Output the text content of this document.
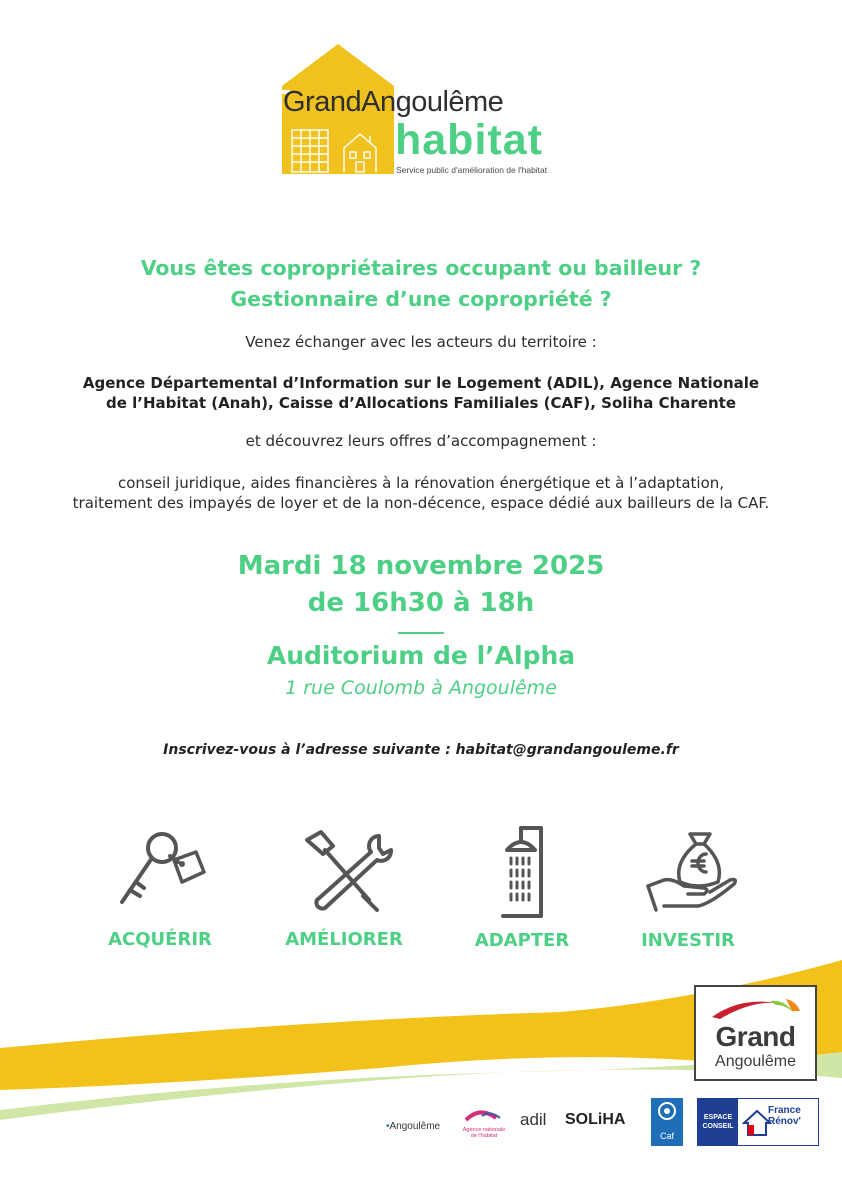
GrandAngoulême
habitat
Service public d'amélioration de l'habitat
Vous êtes copropriétaires occupant ou bailleur ?
Gestionnaire d’une copropriété ?
Venez échanger avec les acteurs du territoire :
Agence Départemental d’Information sur le Logement (ADIL), Agence Nationale
de l’Habitat (Anah), Caisse d’Allocations Familiales (CAF), Soliha Charente
et découvrez leurs offres d’accompagnement :
conseil juridique, aides financières à la rénovation énergétique et à l’adaptation,
traitement des impayés de loyer et de la non-décence, espace dédié aux bailleurs de la CAF.
Mardi 18 novembre 2025
de 16h30 à 18h
Auditorium de l’Alpha
1 rue Coulomb à Angoulême
Inscrivez-vous à l’adresse suivante : habitat@grandangouleme.fr
ACQUÉRIR	AMÉLIORER	ADAPTER	INVESTIR
Grand
Angoulême
•Angoulême	Agence nationale de l'habitat
adil SOLiHA
Caf
ESPACE CONSEIL
France Rénov'
